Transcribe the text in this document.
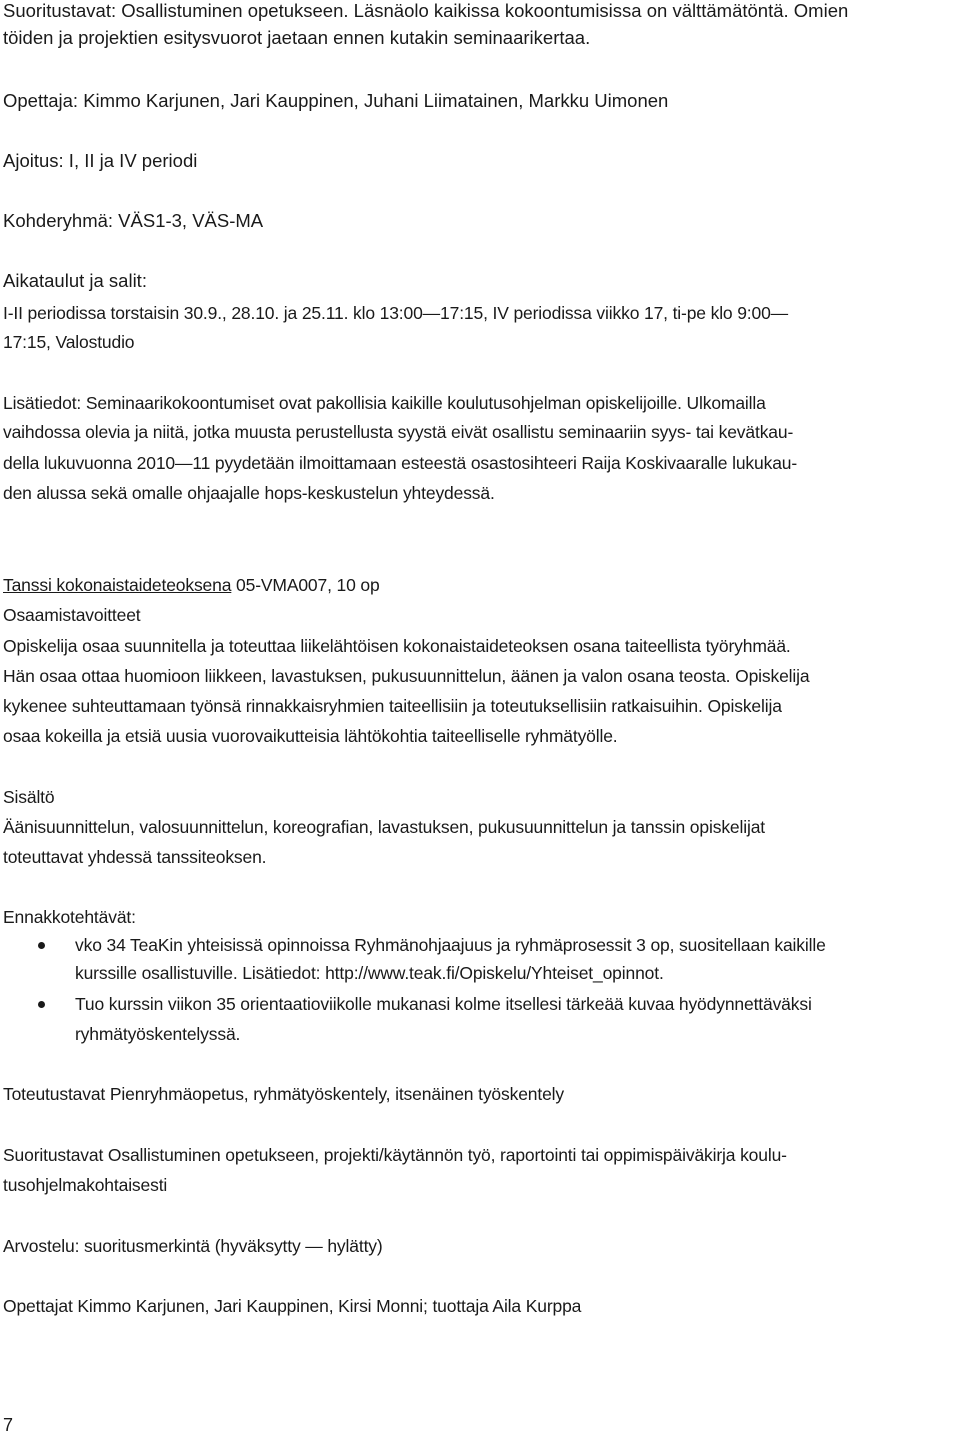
Suoritustavat: Osallistuminen opetukseen. Läsnäolo kaikissa kokoontumisissa on välttämätöntä. Omien
töiden ja projektien esitysvuorot jaetaan ennen kutakin seminaarikertaa.
Opettaja: Kimmo Karjunen, Jari Kauppinen, Juhani Liimatainen, Markku Uimonen
Ajoitus: I, II ja IV periodi
Kohderyhmä: VÄS1-3, VÄS-MA
Aikataulut ja salit:
I-II periodissa torstaisin 30.9., 28.10. ja 25.11. klo 13:00—17:15, IV periodissa viikko 17, ti-pe klo 9:00—
17:15, Valostudio
Lisätiedot: Seminaarikokoontumiset ovat pakollisia kaikille koulutusohjelman opiskelijoille. Ulkomailla
vaihdossa olevia ja niitä, jotka muusta perustellusta syystä eivät osallistu seminaariin syys- tai kevätkau-
della lukuvuonna 2010—11 pyydetään ilmoittamaan esteestä osastosihteeri Raija Koskivaaralle lukukau-
den alussa sekä omalle ohjaajalle hops-keskustelun yhteydessä.
Tanssi kokonaistaideteoksena 05-VMA007, 10 op
Osaamistavoitteet
Opiskelija osaa suunnitella ja toteuttaa liikelähtöisen kokonaistaideteoksen osana taiteellista työryhmää.
Hän osaa ottaa huomioon liikkeen, lavastuksen, pukusuunnittelun, äänen ja valon osana teosta. Opiskelija
kykenee suhteuttamaan työnsä rinnakkaisryhmien taiteellisiin ja toteutuksellisiin ratkaisuihin. Opiskelija
osaa kokeilla ja etsiä uusia vuorovaikutteisia lähtökohtia taiteelliselle ryhmätyölle.
Sisältö
Äänisuunnittelun, valosuunnittelun, koreografian, lavastuksen, pukusuunnittelun ja tanssin opiskelijat
toteuttavat yhdessä tanssiteoksen.
Ennakkotehtävät:
vko 34 TeaKin yhteisissä opinnoissa Ryhmänohjaajuus ja ryhmäprosessit 3 op, suositellaan kaikille
kurssille osallistuville. Lisätiedot: http://www.teak.fi/Opiskelu/Yhteiset_opinnot.
Tuo kurssin viikon 35 orientaatioviikolle mukanasi kolme itsellesi tärkeää kuvaa hyödynnettäväksi
ryhmätyöskentelyssä.
Toteutustavat Pienryhmäopetus, ryhmätyöskentely, itsenäinen työskentely
Suoritustavat Osallistuminen opetukseen, projekti/käytännön työ, raportointi tai oppimispäiväkirja koulu-
tusohjelmakohtaisesti
Arvostelu: suoritusmerkintä (hyväksytty — hylätty)
Opettajat Kimmo Karjunen, Jari Kauppinen, Kirsi Monni; tuottaja Aila Kurppa
7
